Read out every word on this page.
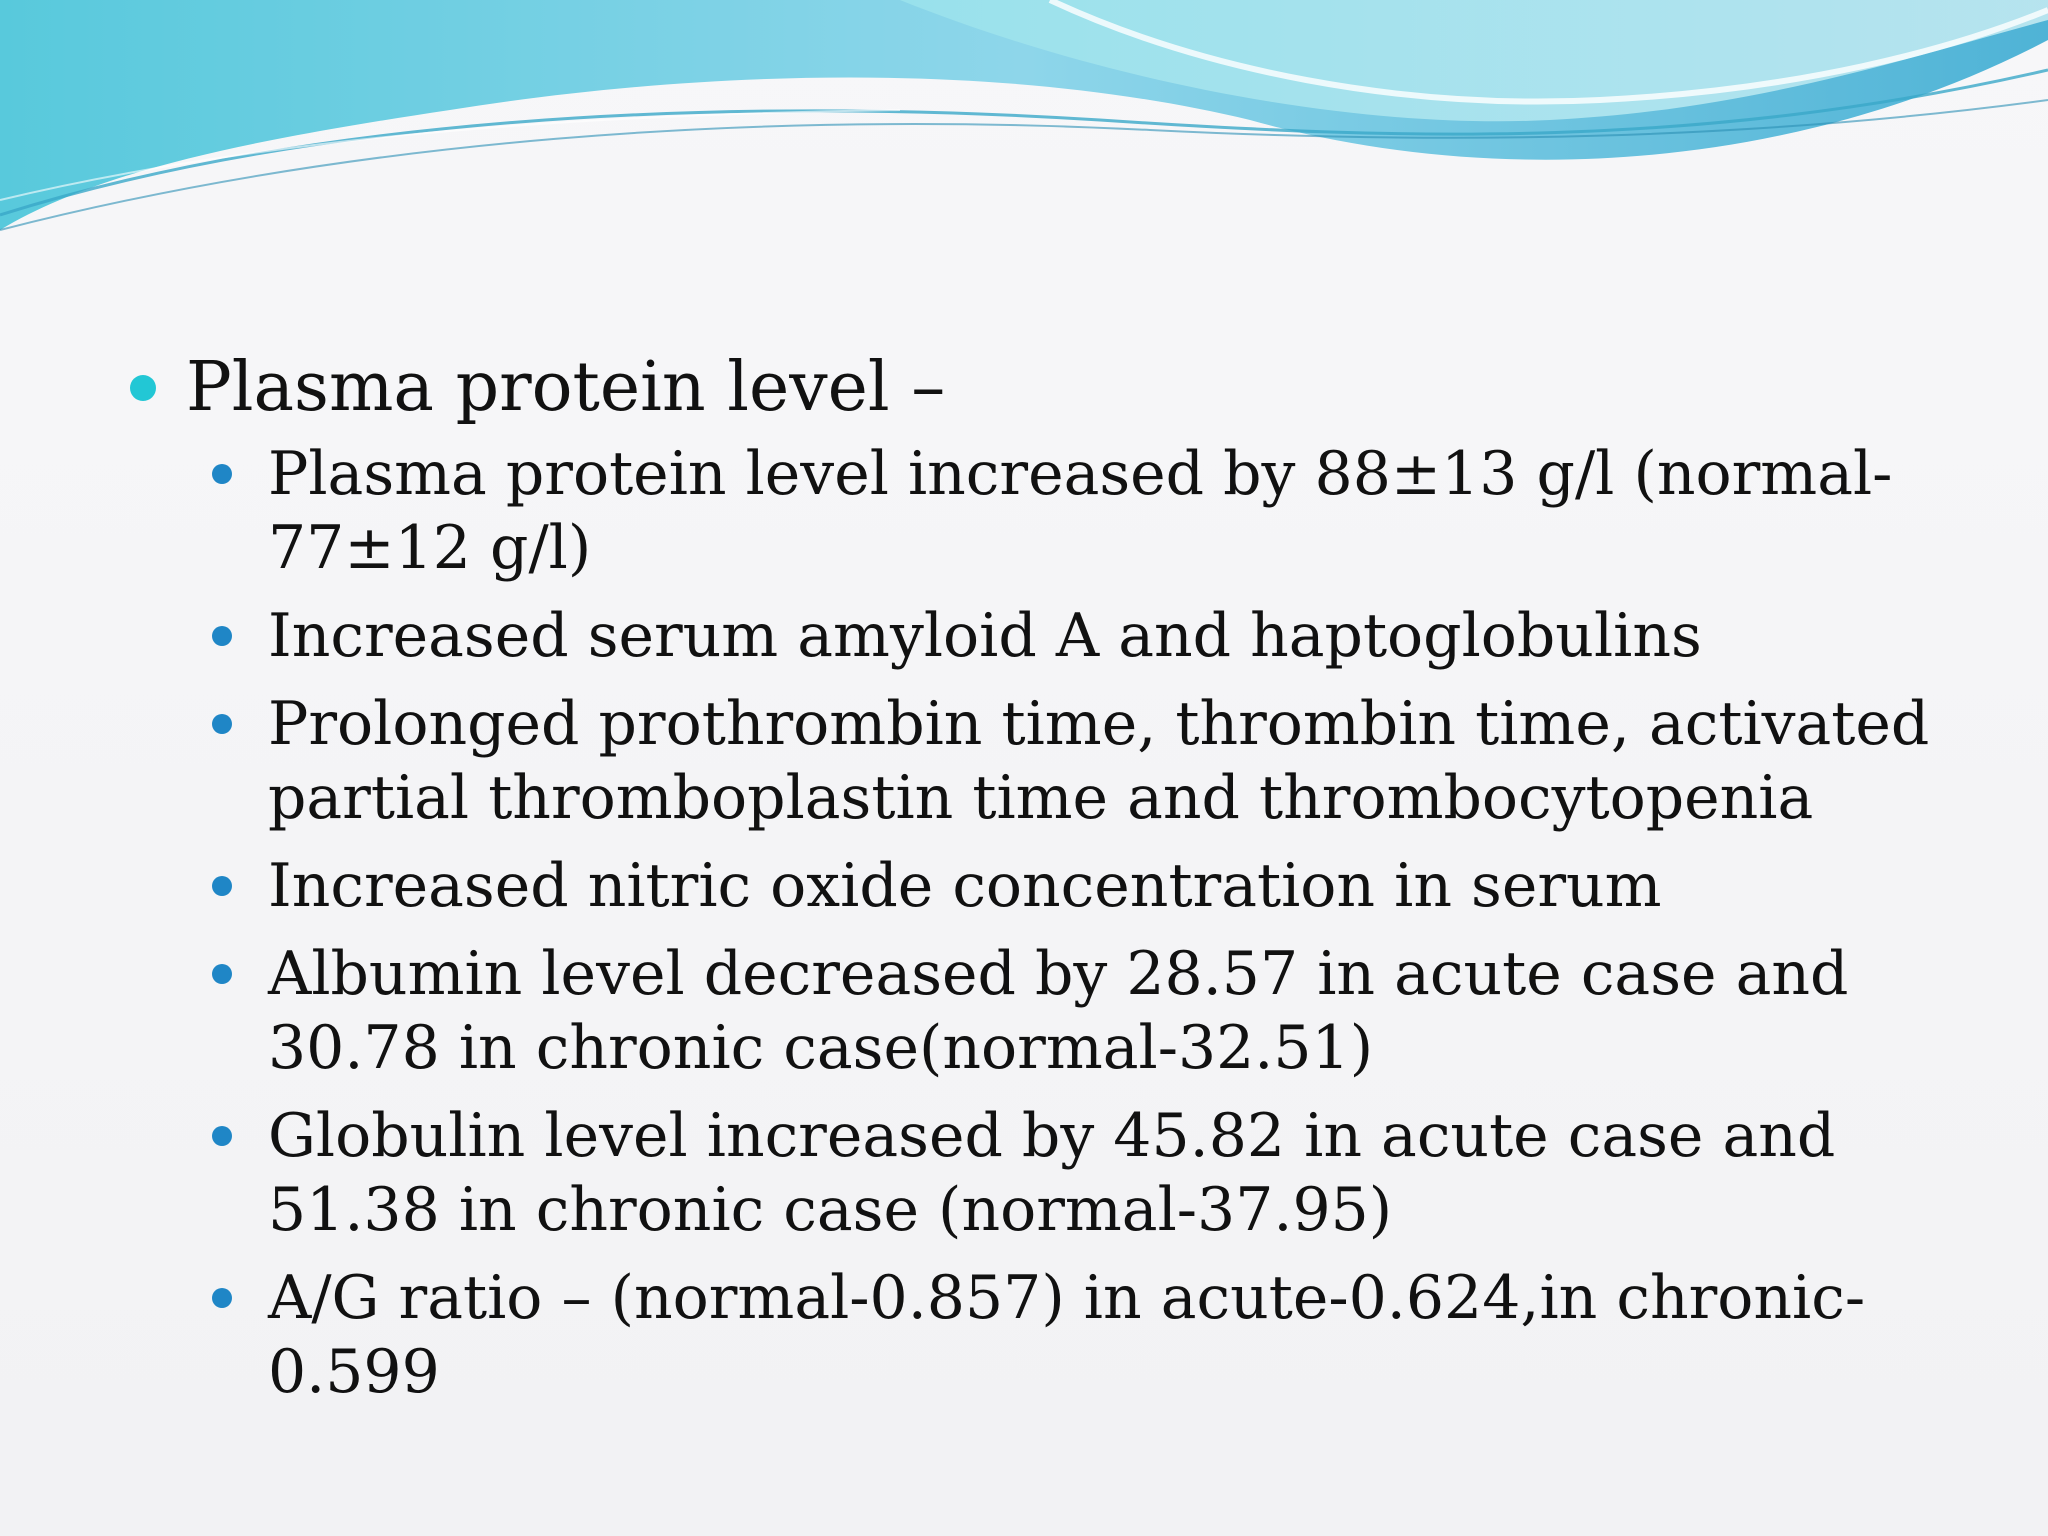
Plasma protein level –
Plasma protein level increased by 88±13 g/l (normal-77±12 g/l)
Increased serum amyloid A and haptoglobulins
Prolonged prothrombin time, thrombin time, activated partial thromboplastin time and thrombocytopenia
Increased nitric oxide concentration in serum
Albumin level decreased by 28.57 in acute case and 30.78 in chronic case(normal-32.51)
Globulin level increased by 45.82 in acute case and 51.38 in chronic case (normal-37.95)
A/G ratio – (normal-0.857) in acute-0.624,in chronic-0.599
